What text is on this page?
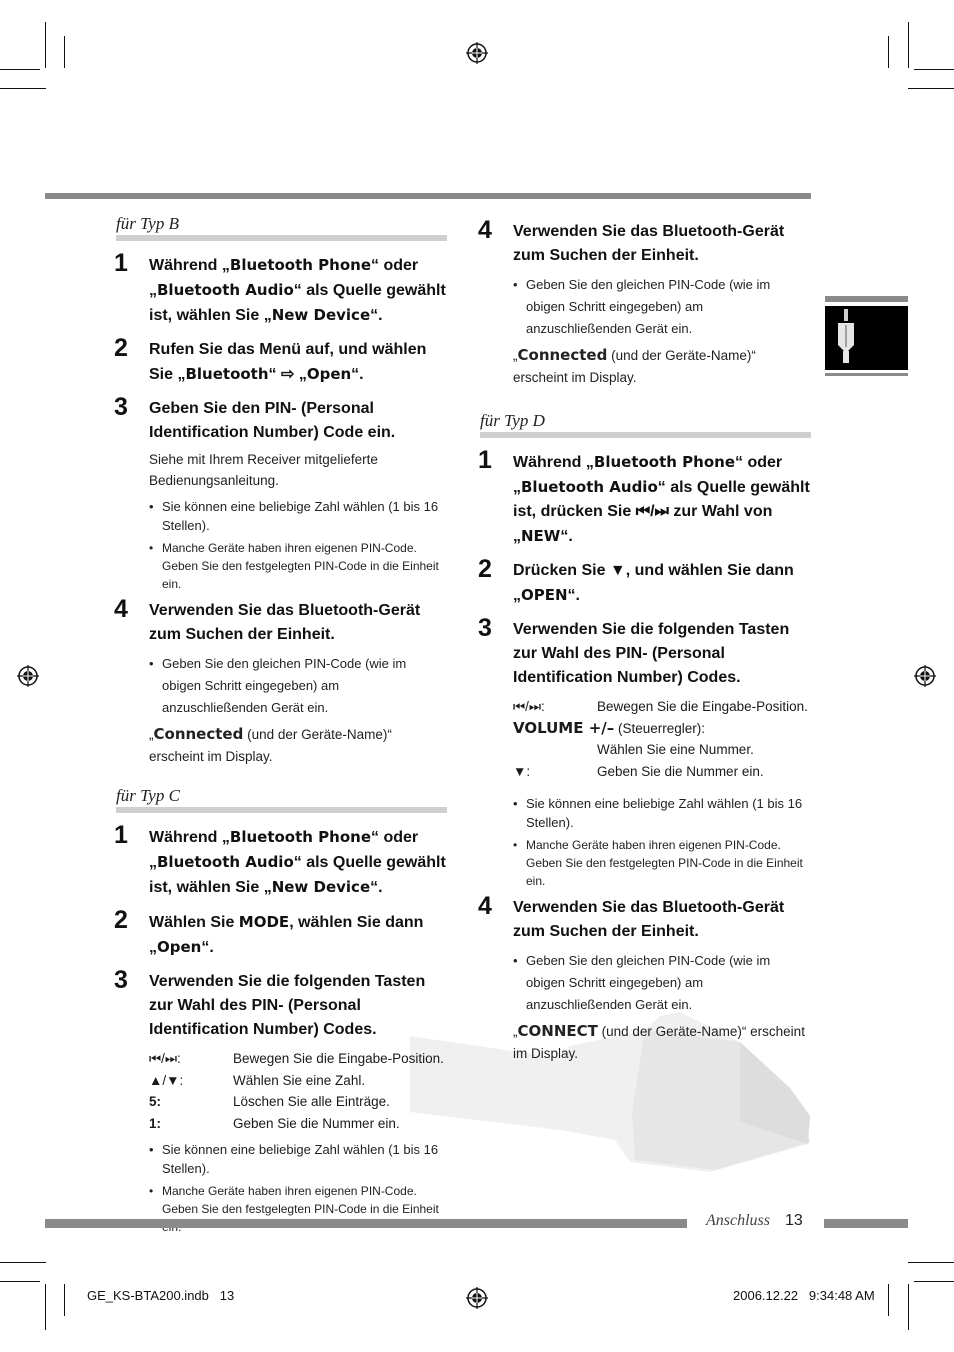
für Typ B
1 Während „Bluetooth Phone“ oder „Bluetooth Audio“ als Quelle gewählt ist, wählen Sie „New Device“.
2 Rufen Sie das Menü auf, und wählen Sie „Bluetooth“ ⇨ „Open“.
3 Geben Sie den PIN- (Personal Identification Number) Code ein.
Siehe mit Ihrem Receiver mitgelieferte Bedienungsanleitung.
• Sie können eine beliebige Zahl wählen (1 bis 16 Stellen).
• Manche Geräte haben ihren eigenen PIN-Code. Geben Sie den festgelegten PIN-Code in die Einheit ein.
4 Verwenden Sie das Bluetooth-Gerät zum Suchen der Einheit.
• Geben Sie den gleichen PIN-Code (wie im obigen Schritt eingegeben) am anzuschließenden Gerät ein.
„Connected (und der Geräte-Name)“ erscheint im Display.
für Typ C
1 Während „Bluetooth Phone“ oder „Bluetooth Audio“ als Quelle gewählt ist, wählen Sie „New Device“.
2 Wählen Sie MODE, wählen Sie dann „Open“.
3 Verwenden Sie die folgenden Tasten zur Wahl des PIN- (Personal Identification Number) Codes.
⏮/⏭:	Bewegen Sie die Eingabe-Position.
▲/▼:	Wählen Sie eine Zahl.
5:	Löschen Sie alle Einträge.
1:	Geben Sie die Nummer ein.
• Sie können eine beliebige Zahl wählen (1 bis 16 Stellen).
• Manche Geräte haben ihren eigenen PIN-Code. Geben Sie den festgelegten PIN-Code in die Einheit
4 Verwenden Sie das Bluetooth-Gerät zum Suchen der Einheit.
• Geben Sie den gleichen PIN-Code (wie im obigen Schritt eingegeben) am anzuschließenden Gerät ein.
„Connected (und der Geräte-Name)“ erscheint im Display.
für Typ D
1 Während „Bluetooth Phone“ oder „Bluetooth Audio“ als Quelle gewählt ist, drücken Sie ⏮/⏭ zur Wahl von „NEW“.
2 Drücken Sie ▼, und wählen Sie dann „OPEN“.
3 Verwenden Sie die folgenden Tasten zur Wahl des PIN- (Personal Identification Number) Codes.
⏮/⏭:	Bewegen Sie die Eingabe-Position.
VOLUME +/– (Steuerregler):
Wählen Sie eine Nummer.
▼:	Geben Sie die Nummer ein.
• Sie können eine beliebige Zahl wählen (1 bis 16 Stellen).
• Manche Geräte haben ihren eigenen PIN-Code. Geben Sie den festgelegten PIN-Code in die Einheit ein.
4 Verwenden Sie das Bluetooth-Gerät zum Suchen der Einheit.
• Geben Sie den gleichen PIN-Code (wie im obigen Schritt eingegeben) am anzuschließenden Gerät ein.
„CONNECT (und der Geräte-Name)“ erscheint im Display.
Anschluss 13
GE_KS-BTA200.indb   13	2006.12.22   9:34:48 AM
